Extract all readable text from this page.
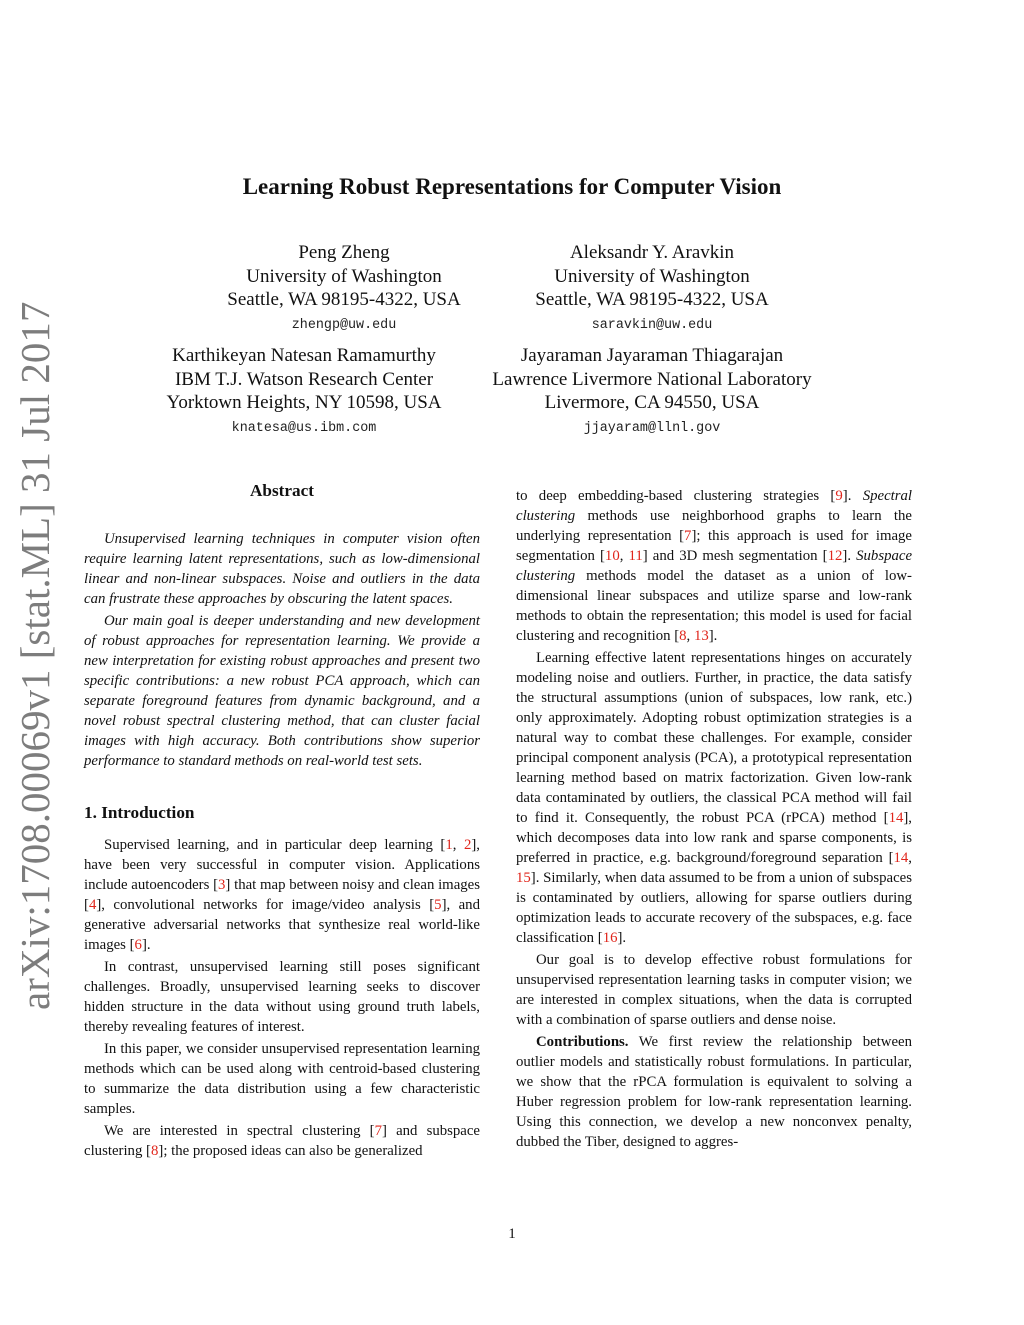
arXiv:1708.00069v1 [stat.ML] 31 Jul 2017
Learning Robust Representations for Computer Vision
Peng Zheng
University of Washington
Seattle, WA 98195-4322, USA
zhengp@uw.edu
Aleksandr Y. Aravkin
University of Washington
Seattle, WA 98195-4322, USA
saravkin@uw.edu
Karthikeyan Natesan Ramamurthy
IBM T.J. Watson Research Center
Yorktown Heights, NY 10598, USA
knatesa@us.ibm.com
Jayaraman Jayaraman Thiagarajan
Lawrence Livermore National Laboratory
Livermore, CA 94550, USA
jjayaram@llnl.gov
Abstract

Unsupervised learning techniques in computer vision often require learning latent representations, such as low-dimensional linear and non-linear subspaces. Noise and outliers in the data can frustrate these approaches by obscuring the latent spaces.

Our main goal is deeper understanding and new development of robust approaches for representation learning. We provide a new interpretation for existing robust approaches and present two specific contributions: a new robust PCA approach, which can separate foreground features from dynamic background, and a novel robust spectral clustering method, that can cluster facial images with high accuracy. Both contributions show superior performance to standard methods on real-world test sets.

1. Introduction

Supervised learning, and in particular deep learning [1, 2], have been very successful in computer vision. Applications include autoencoders [3] that map between noisy and clean images [4], convolutional networks for image/video analysis [5], and generative adversarial networks that synthesize real world-like images [6].

In contrast, unsupervised learning still poses significant challenges. Broadly, unsupervised learning seeks to discover hidden structure in the data without using ground truth labels, thereby revealing features of interest.

In this paper, we consider unsupervised representation learning methods which can be used along with centroid-based clustering to summarize the data distribution using a few characteristic samples.

We are interested in spectral clustering [7] and subspace clustering [8]; the proposed ideas can also be generalized

to deep embedding-based clustering strategies [9]. Spectral clustering methods use neighborhood graphs to learn the underlying representation [7]; this approach is used for image segmentation [10, 11] and 3D mesh segmentation [12]. Subspace clustering methods model the dataset as a union of low-dimensional linear subspaces and utilize sparse and low-rank methods to obtain the representation; this model is used for facial clustering and recognition [8, 13].

Learning effective latent representations hinges on accurately modeling noise and outliers. Further, in practice, the data satisfy the structural assumptions (union of subspaces, low rank, etc.) only approximately. Adopting robust optimization strategies is a natural way to combat these challenges. For example, consider principal component analysis (PCA), a prototypical representation learning method based on matrix factorization. Given low-rank data contaminated by outliers, the classical PCA method will fail to find it. Consequently, the robust PCA (rPCA) method [14], which decomposes data into low rank and sparse components, is preferred in practice, e.g. background/foreground separation [14, 15]. Similarly, when data assumed to be from a union of subspaces is contaminated by outliers, allowing for sparse outliers during optimization leads to accurate recovery of the subspaces, e.g. face classification [16].

Our goal is to develop effective robust formulations for unsupervised representation learning tasks in computer vision; we are interested in complex situations, when the data is corrupted with a combination of sparse outliers and dense noise.

Contributions. We first review the relationship between outlier models and statistically robust formulations. In particular, we show that the rPCA formulation is equivalent to solving a Huber regression problem for low-rank representation learning. Using this connection, we develop a new nonconvex penalty, dubbed the Tiber, designed to aggres-

1
